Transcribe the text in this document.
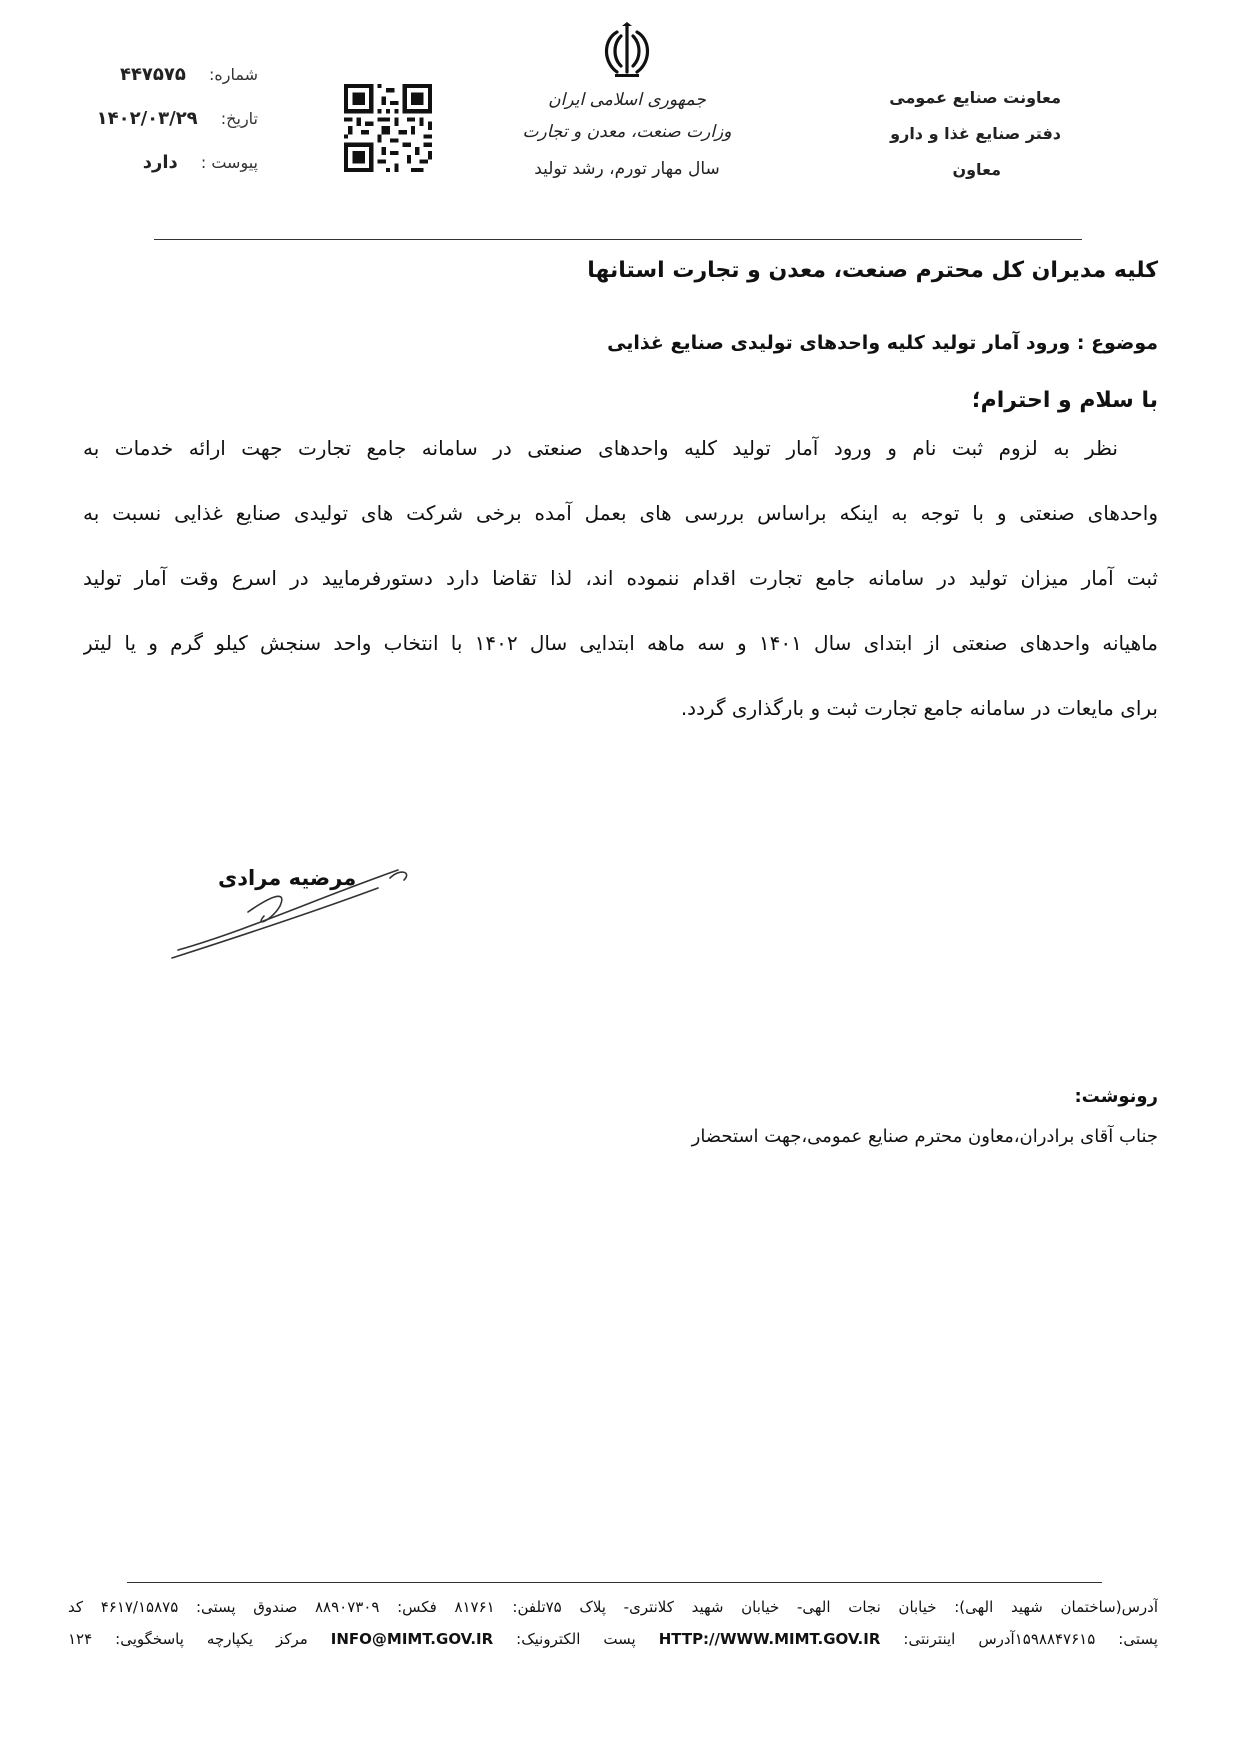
شماره: ۴۴۷۵۷۵
تاریخ: ۱۴۰۲/۰۳/۲۹
پیوست : دارد
جمهوری اسلامی ایران
وزارت صنعت، معدن و تجارت
سال مهار تورم، رشد تولید
معاونت صنایع عمومی
دفتر صنایع غذا و دارو
معاون
کلیه مدیران کل محترم صنعت، معدن و تجارت استانها
موضوع : ورود آمار تولید کلیه واحدهای تولیدی صنایع غذایی
با سلام و احترام؛
نظر به لزوم ثبت نام و ورود آمار تولید کلیه واحدهای صنعتی در سامانه جامع تجارت جهت ارائه خدمات به
واحدهای صنعتی و با توجه به اینکه براساس بررسی های بعمل آمده برخی شرکت های تولیدی صنایع غذایی نسبت به
ثبت آمار میزان تولید در سامانه جامع تجارت اقدام ننموده اند، لذا تقاضا دارد دستورفرمایید در اسرع وقت آمار تولید
ماهیانه واحدهای صنعتی از ابتدای سال ۱۴۰۱ و سه ماهه ابتدایی سال ۱۴۰۲ با انتخاب واحد سنجش کیلو گرم و یا لیتر
برای مایعات در سامانه جامع تجارت ثبت و بارگذاری گردد.
مرضیه مرادی
رونوشت:
جناب آقای برادران،معاون محترم صنایع عمومی،جهت استحضار
آدرس(ساختمان شهید الهی): خیابان نجات الهی- خیابان شهید کلانتری- پلاک ۷۵تلفن: ۸۱۷۶۱ فکس: ۸۸۹۰۷۳۰۹ صندوق پستی: ۴۶۱۷/۱۵۸۷۵ کد
پستی: ۱۵۹۸۸۴۷۶۱۵آدرس اینترنتی: HTTP://WWW.MIMT.GOV.IR پست الکترونیک: INFO@MIMT.GOV.IR مرکز یکپارچه پاسخگویی: ۱۲۴
